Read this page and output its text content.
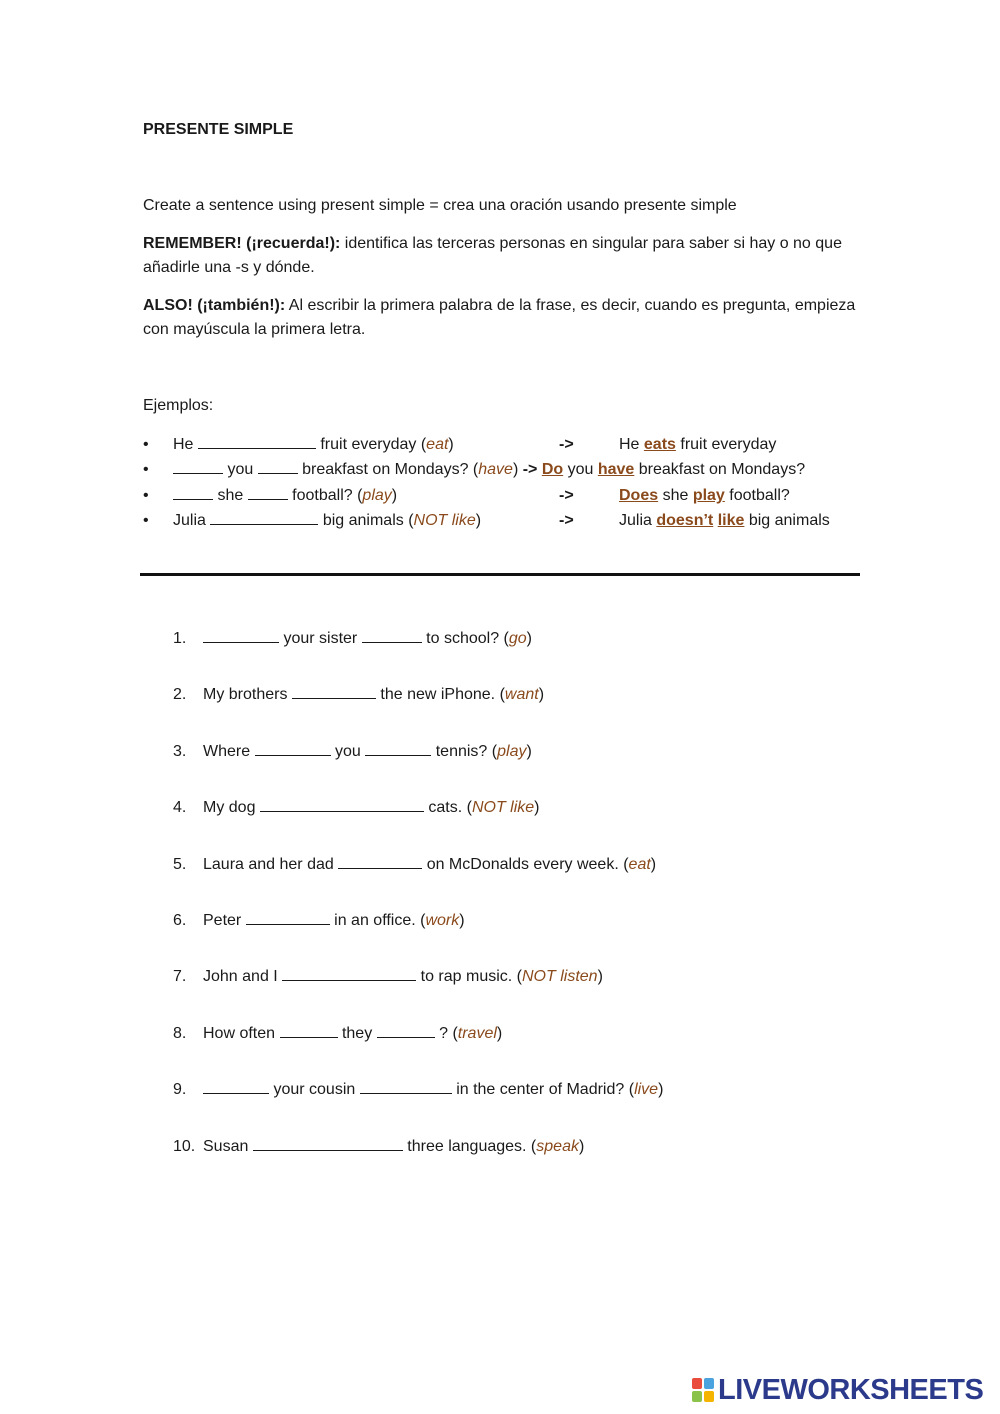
PRESENTE SIMPLE

Create a sentence using present simple = crea una oración usando presente simple

REMEMBER! (¡recuerda!): identifica las terceras personas en singular para saber si hay o no que añadirle una -s y dónde.

ALSO! (¡también!): Al escribir la primera palabra de la frase, es decir, cuando es pregunta, empieza con mayúscula la primera letra.

Ejemplos:

• He	fruit everyday (eat)	->	He eats fruit everyday
•	you	breakfast on Mondays? (have) -> Do you have breakfast on Mondays?
•	she	football? (play)	->	Does she play football?
• Julia	big animals (NOT like)	->	Julia doesn’t like big animals
1.	your sister	to school? (go)
2. My brothers	the new iPhone. (want)
3. Where	you	tennis? (play)
4. My dog	cats. (NOT like)
5. Laura and her dad	on McDonalds every week. (eat)
6. Peter	in an office. (work)
7. John and I	to rap music. (NOT listen)
8. How often	they	? (travel)
9.	your cousin	in the center of Madrid? (live)
10. Susan	three languages. (speak)
LIVEWORKSHEETS
